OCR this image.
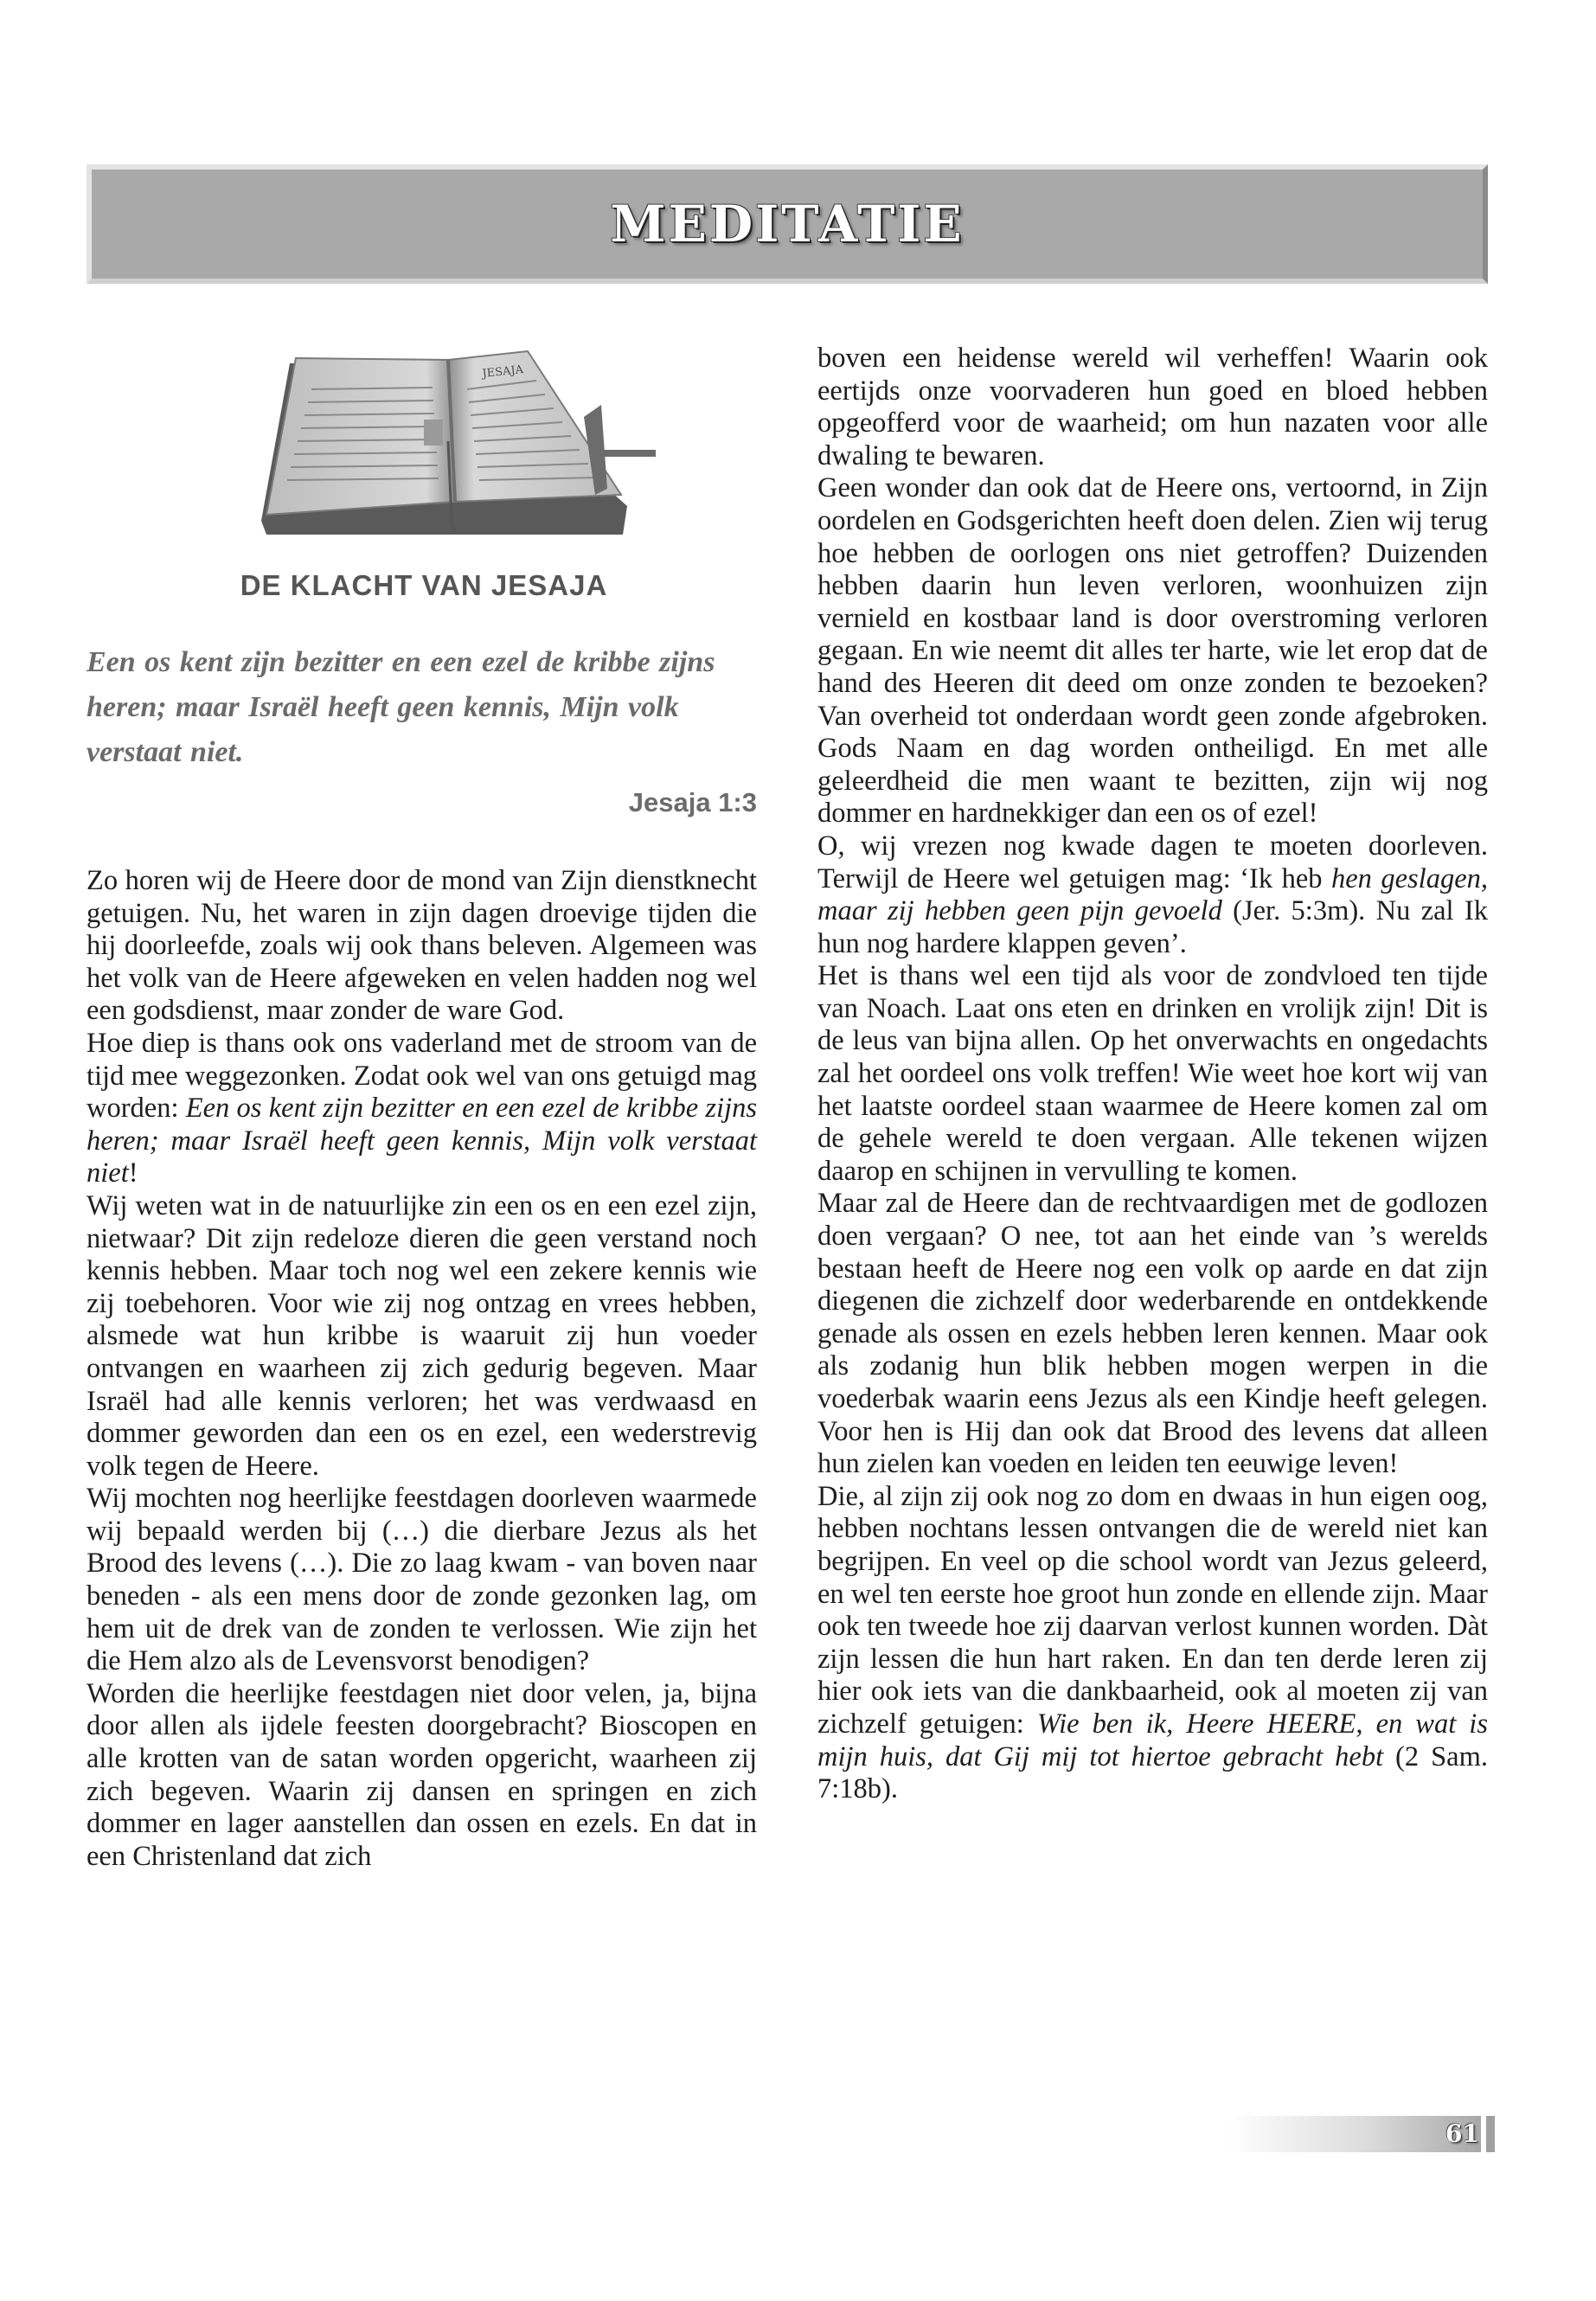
MEDITATIE
JESAJA
DE KLACHT VAN JESAJA

Een os kent zijn bezitter en een ezel de kribbe zijns heren; maar Israël heeft geen kennis, Mijn volk verstaat niet.

Jesaja 1:3

Zo horen wij de Heere door de mond van Zijn dienstknecht getuigen. Nu, het waren in zijn dagen droevige tijden die hij doorleefde, zoals wij ook thans beleven. Algemeen was het volk van de Heere afgeweken en velen hadden nog wel een godsdienst, maar zonder de ware God.

Hoe diep is thans ook ons vaderland met de stroom van de tijd mee weggezonken. Zodat ook wel van ons getuigd mag worden: Een os kent zijn bezitter en een ezel de kribbe zijns heren; maar Israël heeft geen kennis, Mijn volk verstaat niet!

Wij weten wat in de natuurlijke zin een os en een ezel zijn, nietwaar? Dit zijn redeloze dieren die geen verstand noch kennis hebben. Maar toch nog wel een zekere kennis wie zij toebehoren. Voor wie zij nog ontzag en vrees hebben, alsmede wat hun kribbe is waaruit zij hun voeder ontvangen en waarheen zij zich gedurig begeven. Maar Israël had alle kennis verloren; het was verdwaasd en dommer geworden dan een os en ezel, een wederstrevig volk tegen de Heere.

Wij mochten nog heerlijke feestdagen doorleven waarmede wij bepaald werden bij (…) die dierbare Jezus als het Brood des levens (…). Die zo laag kwam - van boven naar beneden - als een mens door de zonde gezonken lag, om hem uit de drek van de zonden te verlossen. Wie zijn het die Hem alzo als de Levensvorst benodigen?

Worden die heerlijke feestdagen niet door velen, ja, bijna door allen als ijdele feesten doorgebracht? Bioscopen en alle krotten van de satan worden opgericht, waarheen zij zich begeven. Waarin zij dansen en springen en zich dommer en lager aanstellen dan ossen en ezels. En dat in een Christenland dat zich

boven een heidense wereld wil verheffen! Waarin ook eertijds onze voorvaderen hun goed en bloed hebben opgeofferd voor de waarheid; om hun nazaten voor alle dwaling te bewaren.

Geen wonder dan ook dat de Heere ons, vertoornd, in Zijn oordelen en Godsgerichten heeft doen delen. Zien wij terug hoe hebben de oorlogen ons niet getroffen? Duizenden hebben daarin hun leven verloren, woonhuizen zijn vernield en kostbaar land is door overstroming verloren gegaan. En wie neemt dit alles ter harte, wie let erop dat de hand des Heeren dit deed om onze zonden te bezoeken? Van overheid tot onderdaan wordt geen zonde afgebroken. Gods Naam en dag worden ontheiligd. En met alle geleerdheid die men waant te bezitten, zijn wij nog dommer en hardnekkiger dan een os of ezel!

O, wij vrezen nog kwade dagen te moeten doorleven. Terwijl de Heere wel getuigen mag: ‘Ik heb hen geslagen, maar zij hebben geen pijn gevoeld (Jer. 5:3m). Nu zal Ik hun nog hardere klappen geven’.

Het is thans wel een tijd als voor de zondvloed ten tijde van Noach. Laat ons eten en drinken en vrolijk zijn! Dit is de leus van bijna allen. Op het onverwachts en ongedachts zal het oordeel ons volk treffen! Wie weet hoe kort wij van het laatste oordeel staan waarmee de Heere komen zal om de gehele wereld te doen vergaan. Alle tekenen wijzen daarop en schijnen in vervulling te komen.

Maar zal de Heere dan de rechtvaardigen met de godlozen doen vergaan? O nee, tot aan het einde van ’s werelds bestaan heeft de Heere nog een volk op aarde en dat zijn diegenen die zichzelf door wederbarende en ontdekkende genade als ossen en ezels hebben leren kennen. Maar ook als zodanig hun blik hebben mogen werpen in die voederbak waarin eens Jezus als een Kindje heeft gelegen. Voor hen is Hij dan ook dat Brood des levens dat alleen hun zielen kan voeden en leiden ten eeuwige leven!

Die, al zijn zij ook nog zo dom en dwaas in hun eigen oog, hebben nochtans lessen ontvangen die de wereld niet kan begrijpen. En veel op die school wordt van Jezus geleerd, en wel ten eerste hoe groot hun zonde en ellende zijn. Maar ook ten tweede hoe zij daarvan verlost kunnen worden. Dàt zijn lessen die hun hart raken. En dan ten derde leren zij hier ook iets van die dankbaarheid, ook al moeten zij van zichzelf getuigen: Wie ben ik, Heere HEERE, en wat is mijn huis, dat Gij mij tot hiertoe gebracht hebt (2 Sam. 7:18b).

61
